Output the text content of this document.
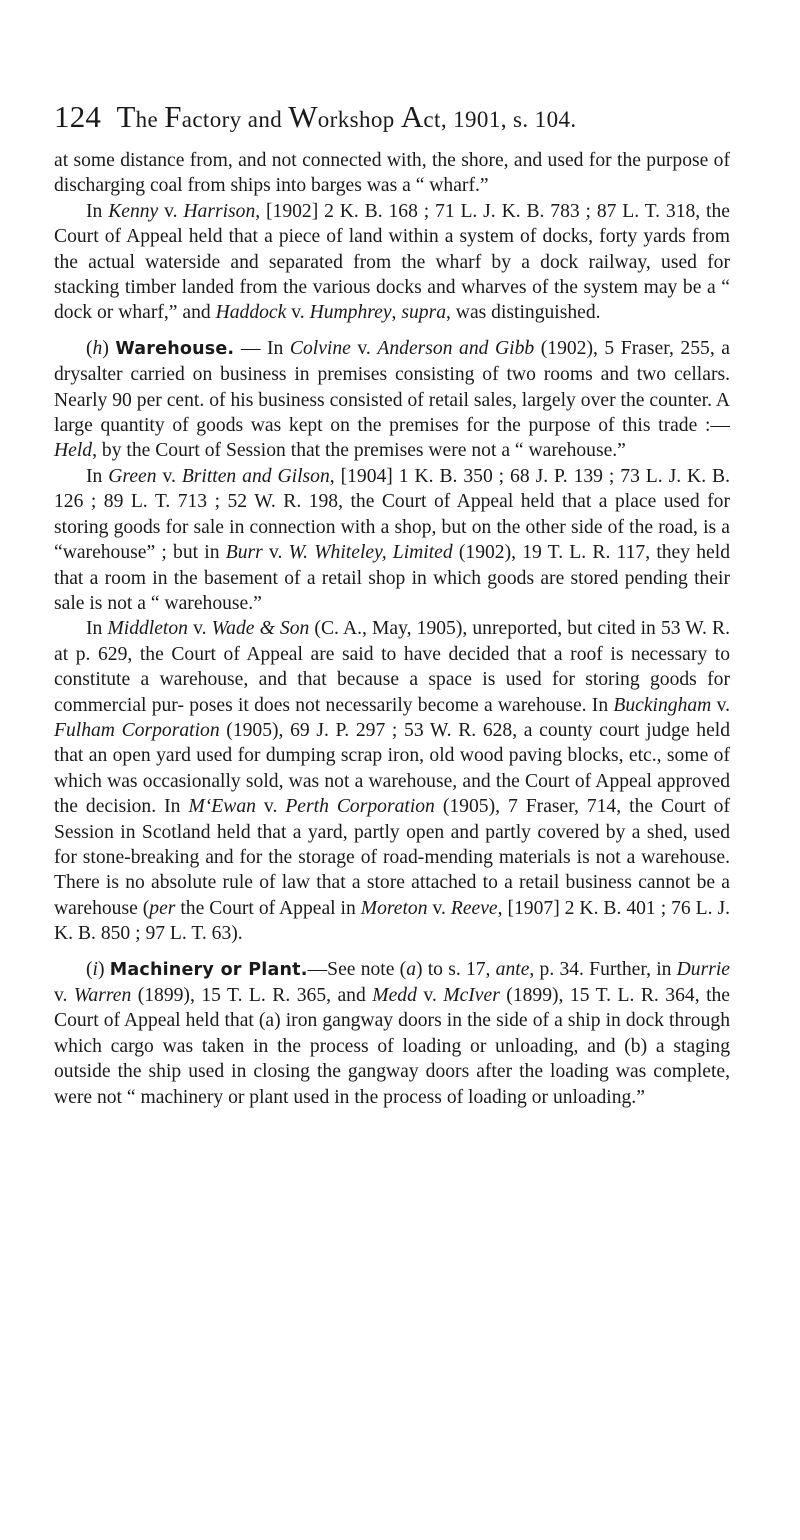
124 The Factory and Workshop Act, 1901, s. 104.

at some distance from, and not connected with, the shore, and used for the purpose of discharging coal from ships into barges was a “ wharf.”

In Kenny v. Harrison, [1902] 2 K. B. 168 ; 71 L. J. K. B. 783 ; 87 L. T. 318, the Court of Appeal held that a piece of land within a system of docks, forty yards from the actual waterside and separated from the wharf by a dock railway, used for stacking timber landed from the various docks and wharves of the system may be a “ dock or wharf,” and Haddock v. Humphrey, supra, was distinguished.

(h) Warehouse. — In Colvine v. Anderson and Gibb (1902), 5 Fraser, 255, a drysalter carried on business in premises consisting of two rooms and two cellars. Nearly 90 per cent. of his business consisted of retail sales, largely over the counter. A large quantity of goods was kept on the premises for the purpose of this trade :—Held, by the Court of Session that the premises were not a “ warehouse.”

In Green v. Britten and Gilson, [1904] 1 K. B. 350 ; 68 J. P. 139 ; 73 L. J. K. B. 126 ; 89 L. T. 713 ; 52 W. R. 198, the Court of Appeal held that a place used for storing goods for sale in connection with a shop, but on the other side of the road, is a “warehouse” ; but in Burr v. W. Whiteley, Limited (1902), 19 T. L. R. 117, they held that a room in the basement of a retail shop in which goods are stored pending their sale is not a “ warehouse.”

In Middleton v. Wade & Son (C. A., May, 1905), unreported, but cited in 53 W. R. at p. 629, the Court of Appeal are said to have decided that a roof is necessary to constitute a warehouse, and that because a space is used for storing goods for commercial pur- poses it does not necessarily become a warehouse. In Buckingham v. Fulham Corporation (1905), 69 J. P. 297 ; 53 W. R. 628, a county court judge held that an open yard used for dumping scrap iron, old wood paving blocks, etc., some of which was occasionally sold, was not a warehouse, and the Court of Appeal approved the decision. In M‘Ewan v. Perth Corporation (1905), 7 Fraser, 714, the Court of Session in Scotland held that a yard, partly open and partly covered by a shed, used for stone-breaking and for the storage of road-mending materials is not a warehouse. There is no absolute rule of law that a store attached to a retail business cannot be a warehouse (per the Court of Appeal in Moreton v. Reeve, [1907] 2 K. B. 401 ; 76 L. J. K. B. 850 ; 97 L. T. 63).

(i) Machinery or Plant.—See note (a) to s. 17, ante, p. 34. Further, in Durrie v. Warren (1899), 15 T. L. R. 365, and Medd v. McIver (1899), 15 T. L. R. 364, the Court of Appeal held that (a) iron gangway doors in the side of a ship in dock through which cargo was taken in the process of loading or unloading, and (b) a staging outside the ship used in closing the gangway doors after the loading was complete, were not “ machinery or plant used in the process of loading or unloading.”
